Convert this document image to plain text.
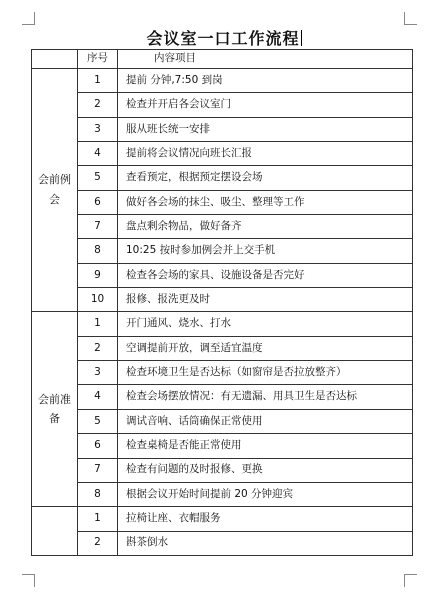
会议室一口工作流程
	序号	内容项目
会前例会	1	提前 分钟,7:50 到岗
	2	检查并开启各会议室门
	3	服从班长统一安排
	4	提前将会议情况向班长汇报
	5	查看预定，根据预定摆设会场
	6	做好各会场的抹尘、吸尘、整理等工作
	7	盘点剩余物品，做好备齐
	8	10:25 按时参加例会并上交手机
	9	检查各会场的家具、设施设备是否完好
	10	报修、报洗更及时
会前准备	1	开门通风、烧水、打水
	2	空调提前开放，调至适宜温度
	3	检查环境卫生是否达标（如窗帘是否拉放整齐）
	4	检查会场摆放情况：有无遗漏、用具卫生是否达标
	5	调试音响、话筒确保正常使用
	6	检查桌椅是否能正常使用
	7	检查有问题的及时报修、更换
	8	根据会议开始时间提前 20 分钟迎宾
	1	拉椅让座、衣帽服务
	2	斟茶倒水
